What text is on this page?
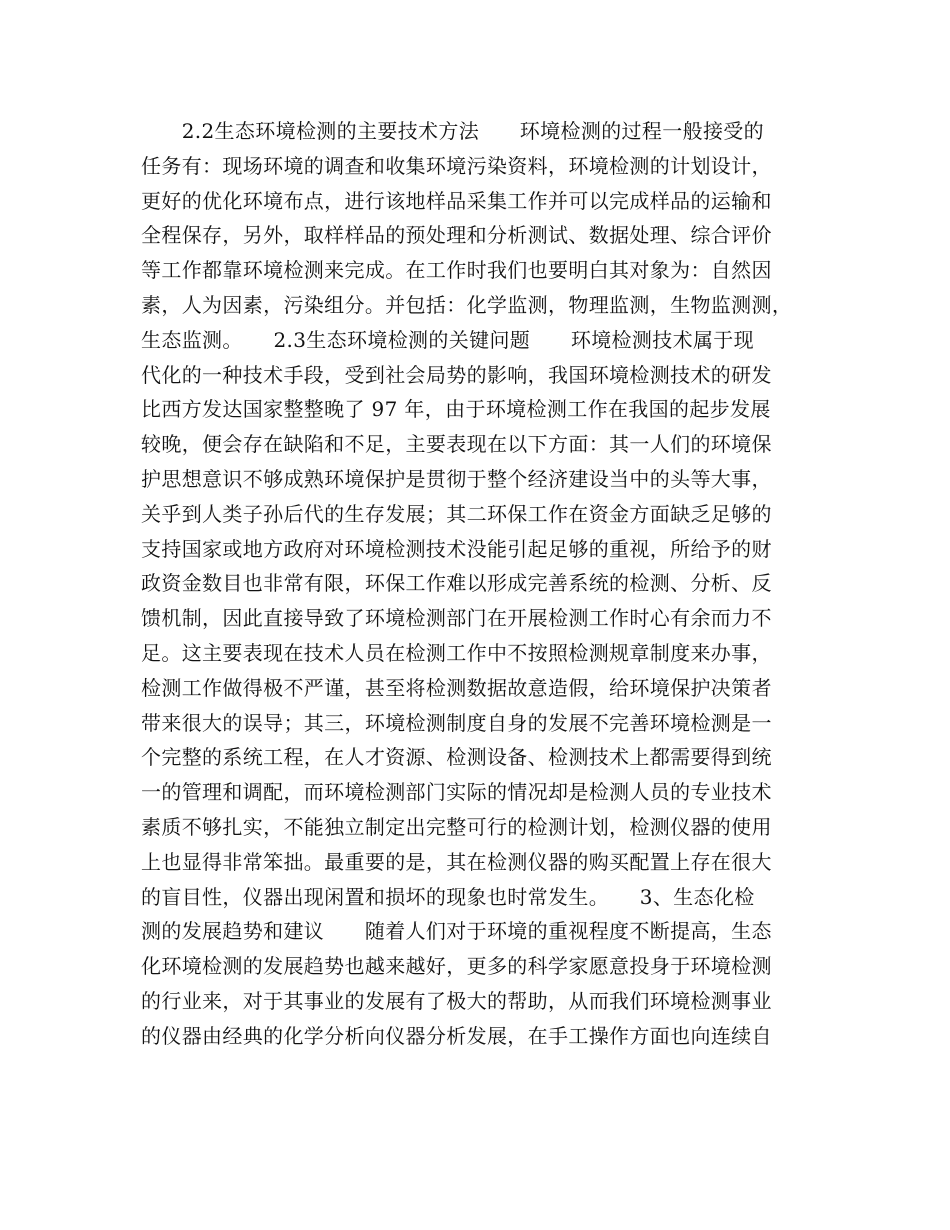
　　2.2生态环境检测的主要技术方法　　环境检测的过程一般接受的
任务有：现场环境的调查和收集环境污染资料，环境检测的计划设计，
更好的优化环境布点，进行该地样品采集工作并可以完成样品的运输和
全程保存，另外，取样样品的预处理和分析测试、数据处理、综合评价
等工作都靠环境检测来完成。在工作时我们也要明白其对象为：自然因
素，人为因素，污染组分。并包括：化学监测，物理监测，生物监测测，
生态监测。　　2.3生态环境检测的关键问题　　环境检测技术属于现
代化的一种技术手段，受到社会局势的影响，我国环境检测技术的研发
比西方发达国家整整晚了 97 年，由于环境检测工作在我国的起步发展
较晚，便会存在缺陷和不足，主要表现在以下方面：其一人们的环境保
护思想意识不够成熟环境保护是贯彻于整个经济建设当中的头等大事，
关乎到人类子孙后代的生存发展；其二环保工作在资金方面缺乏足够的
支持国家或地方政府对环境检测技术没能引起足够的重视，所给予的财
政资金数目也非常有限，环保工作难以形成完善系统的检测、分析、反
馈机制，因此直接导致了环境检测部门在开展检测工作时心有余而力不
足。这主要表现在技术人员在检测工作中不按照检测规章制度来办事，
检测工作做得极不严谨，甚至将检测数据故意造假，给环境保护决策者
带来很大的误导；其三，环境检测制度自身的发展不完善环境检测是一
个完整的系统工程，在人才资源、检测设备、检测技术上都需要得到统
一的管理和调配，而环境检测部门实际的情况却是检测人员的专业技术
素质不够扎实，不能独立制定出完整可行的检测计划，检测仪器的使用
上也显得非常笨拙。最重要的是，其在检测仪器的购买配置上存在很大
的盲目性，仪器出现闲置和损坏的现象也时常发生。　　3、生态化检
测的发展趋势和建议　　随着人们对于环境的重视程度不断提高，生态
化环境检测的发展趋势也越来越好，更多的科学家愿意投身于环境检测
的行业来，对于其事业的发展有了极大的帮助，从而我们环境检测事业
的仪器由经典的化学分析向仪器分析发展，在手工操作方面也向连续自
